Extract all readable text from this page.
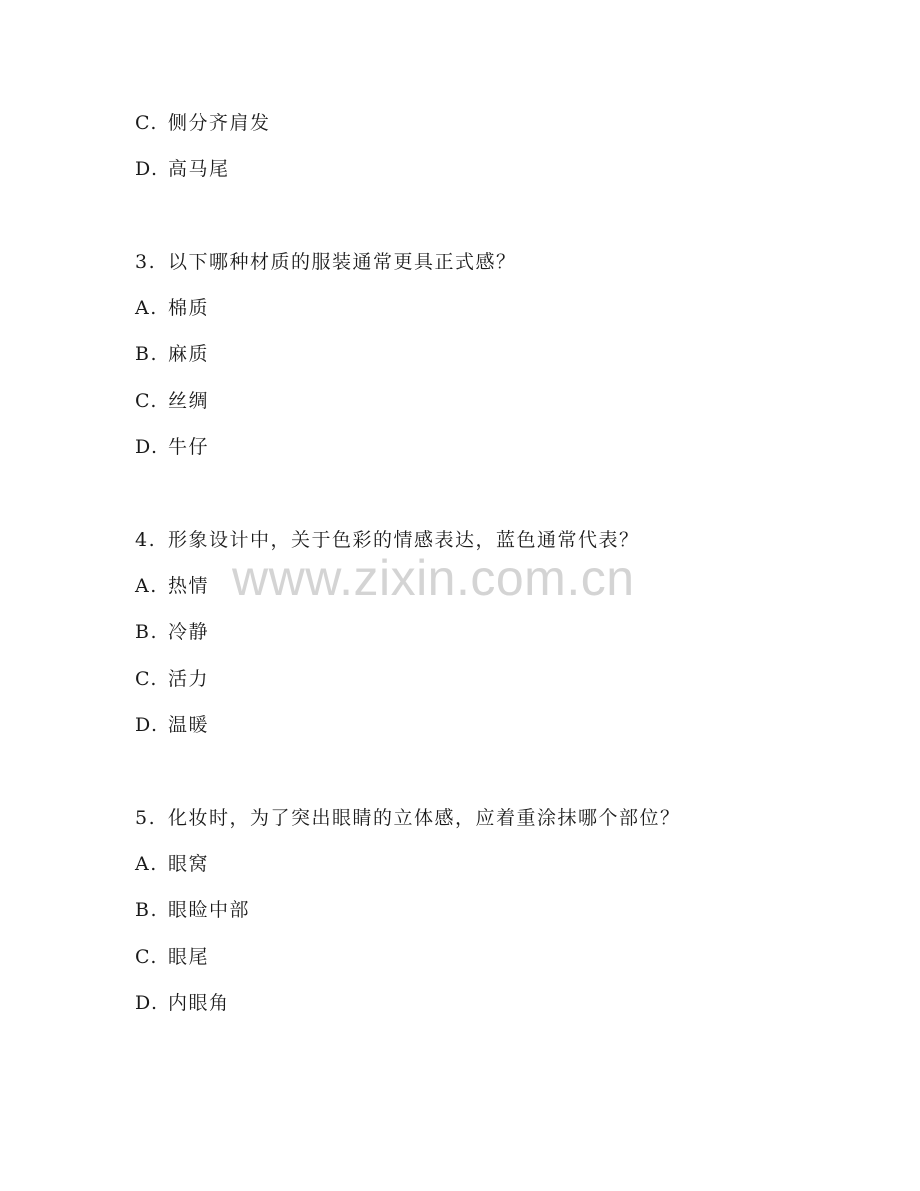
C. 侧分齐肩发
D. 高马尾
3. 以下哪种材质的服装通常更具正式感？
A. 棉质
B. 麻质
C. 丝绸
D. 牛仔
4. 形象设计中，关于色彩的情感表达，蓝色通常代表？
A. 热情
B. 冷静
C. 活力
D. 温暖
5. 化妆时，为了突出眼睛的立体感，应着重涂抹哪个部位？
A. 眼窝
B. 眼睑中部
C. 眼尾
D. 内眼角
www.zixin.com.cn
